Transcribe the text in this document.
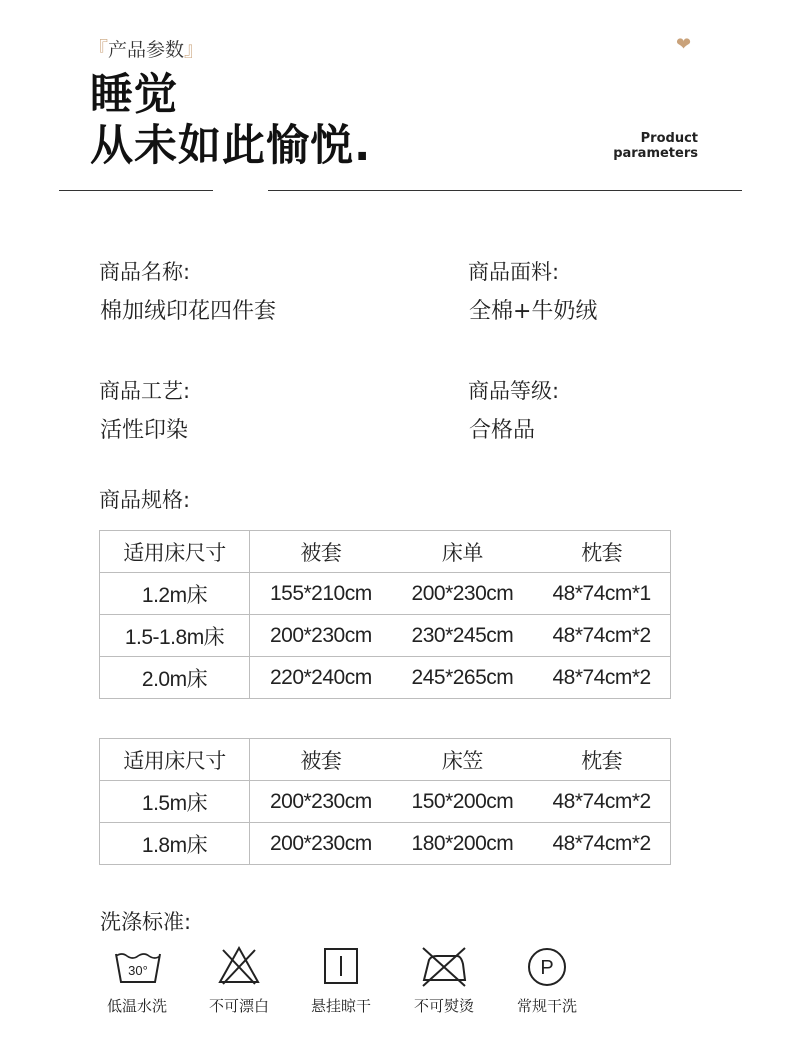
『产品参数』	❤
睡觉
从未如此愉悦.	Product
parameters
商品名称:
棉加绒印花四件套
商品面料:
全棉+牛奶绒
商品工艺:
活性印染
商品等级:
合格品
商品规格:
适用床尺寸	被套	床单	枕套
1.2m床	155*210cm	200*230cm	48*74cm*1
1.5-1.8m床	200*230cm	230*245cm	48*74cm*2
2.0m床	220*240cm	245*265cm	48*74cm*2
适用床尺寸	被套	床笠	枕套
1.5m床	200*230cm	150*200cm	48*74cm*2
1.8m床	200*230cm	180*200cm	48*74cm*2
洗涤标准:
30°
低温水洗	不可漂白	悬挂晾干	不可熨烫
P
常规干洗
